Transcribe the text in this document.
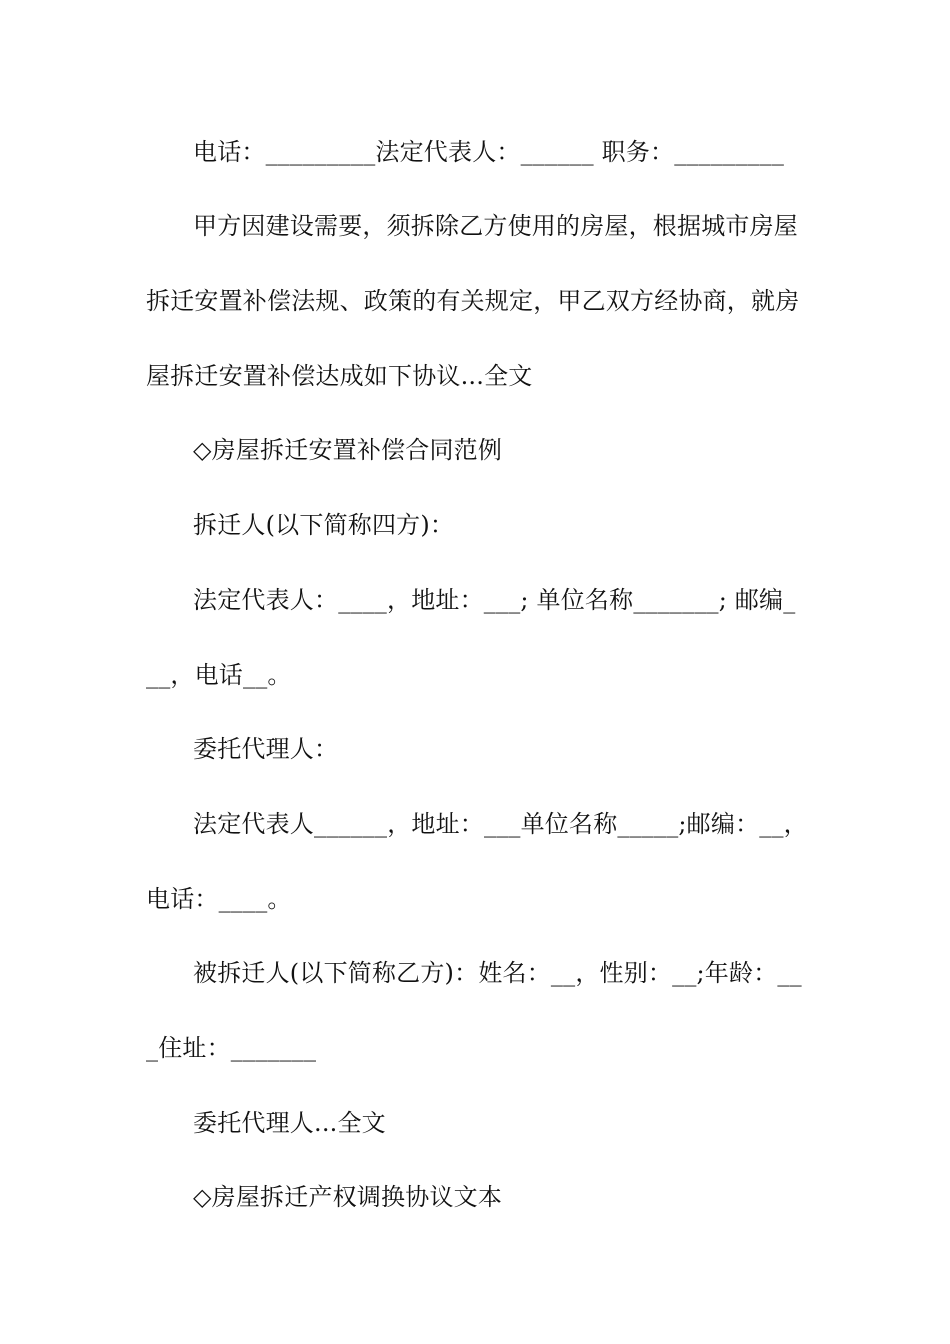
电话：_________法定代表人：______ 职务：_________
甲方因建设需要，须拆除乙方使用的房屋，根据城市房屋
拆迁安置补偿法规、政策的有关规定，甲乙双方经协商，就房
屋拆迁安置补偿达成如下协议...全文
◇房屋拆迁安置补偿合同范例
拆迁人(以下简称四方)：
法定代表人：____，地址：___; 单位名称_______; 邮编_
__，电话__。
委托代理人：
法定代表人______，地址：___单位名称_____;邮编：__，
电话：____。
被拆迁人(以下简称乙方)：姓名：__，性别：__;年龄：__
_住址：_______
委托代理人...全文
◇房屋拆迁产权调换协议文本
